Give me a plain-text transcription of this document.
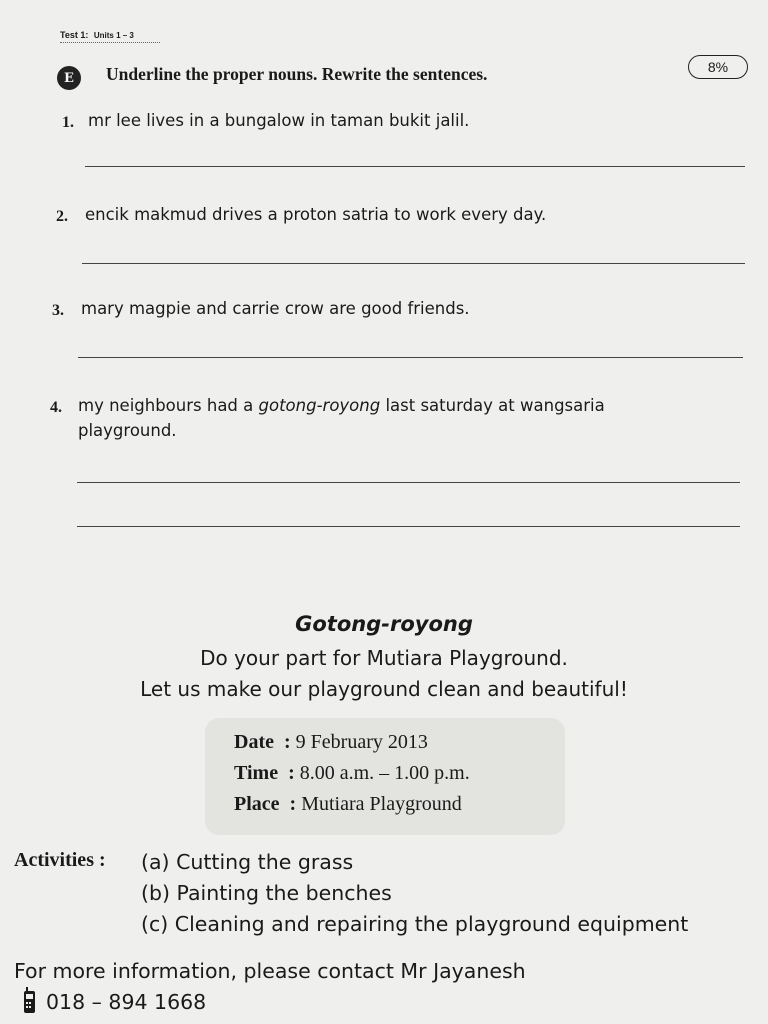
Test 1: Units 1 – 3
E	Underline the proper nouns. Rewrite the sentences.	8%
1. mr lee lives in a bungalow in taman bukit jalil.
2. encik makmud drives a proton satria to work every day.
3. mary magpie and carrie crow are good friends.
4. my neighbours had a gotong-royong last saturday at wangsaria
playground.
Gotong-royong
Do your part for Mutiara Playground.
Let us make our playground clean and beautiful!
Date  : 9 February 2013
Time  : 8.00 a.m. – 1.00 p.m.
Place  : Mutiara Playground
Activities : (a) Cutting the grass
(b) Painting the benches
(c) Cleaning and repairing the playground equipment
For more information, please contact Mr Jayanesh
018 – 894 1668
